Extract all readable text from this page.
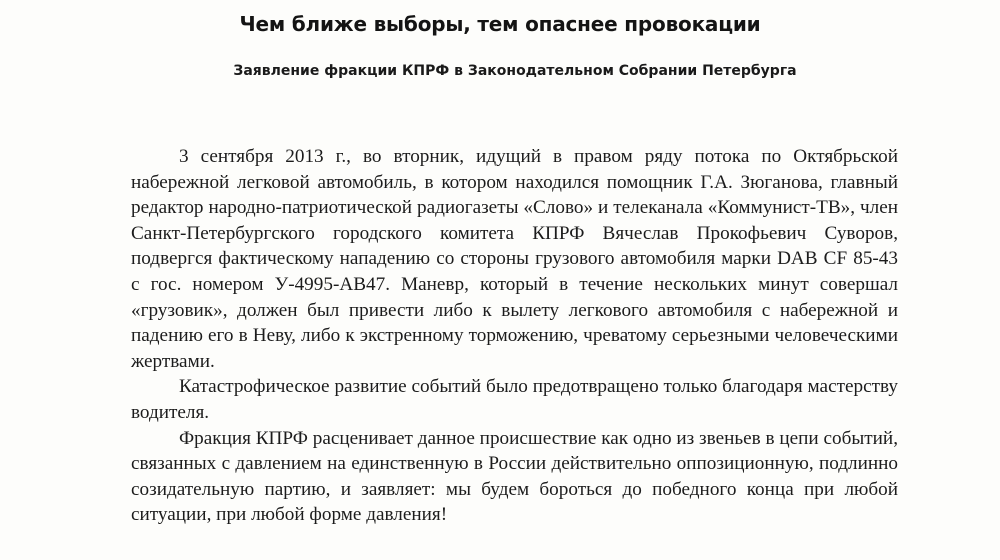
Чем ближе выборы, тем опаснее провокации
Заявление фракции КПРФ в Законодательном Собрании Петербурга

3 сентября 2013 г., во вторник, идущий в правом ряду потока по Октябрьской набережной легковой автомобиль, в котором находился помощник Г.А. Зюганова, главный редактор народно-патриотической радиогазеты «Слово» и телеканала «Коммунист-ТВ», член Санкт-Петербургского городского комитета КПРФ Вячеслав Прокофьевич Суворов, подвергся фактическому нападению со стороны грузового автомобиля марки DAB CF 85-43 с гос. номером У-4995-АВ47. Маневр, который в течение нескольких минут совершал «грузовик», должен был привести либо к вылету легкового автомобиля с набережной и падению его в Неву, либо к экстренному торможению, чреватому серьезными человеческими жертвами.

Катастрофическое развитие событий было предотвращено только благодаря мастерству водителя.

Фракция КПРФ расценивает данное происшествие как одно из звеньев в цепи событий, связанных с давлением на единственную в России действительно оппозиционную, подлинно созидательную партию, и заявляет: мы будем бороться до победного конца при любой ситуации, при любой форме давления!
